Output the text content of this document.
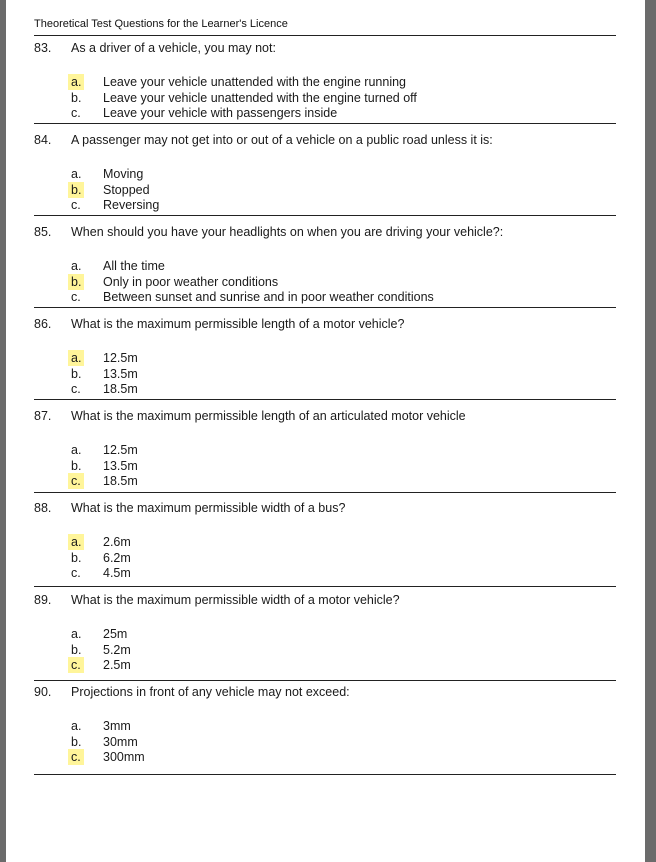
Theoretical Test Questions for the Learner's Licence
83. As a driver of a vehicle, you may not:
a. Leave your vehicle unattended with the engine running
b. Leave your vehicle unattended with the engine turned off
c. Leave your vehicle with passengers inside
84. A passenger may not get into or out of a vehicle on a public road unless it is:
a. Moving
b. Stopped
c. Reversing
85. When should you have your headlights on when you are driving your vehicle?:
a. All the time
b. Only in poor weather conditions
c. Between sunset and sunrise and in poor weather conditions
86. What is the maximum permissible length of a motor vehicle?
a. 12.5m
b. 13.5m
c. 18.5m
87. What is the maximum permissible length of an articulated motor vehicle
a. 12.5m
b. 13.5m
c. 18.5m
88. What is the maximum permissible width of a bus?
a. 2.6m
b. 6.2m
c. 4.5m
89. What is the maximum permissible width of a motor vehicle?
a. 25m
b. 5.2m
c. 2.5m
90. Projections in front of any vehicle may not exceed:
a. 3mm
b. 30mm
c. 300mm
